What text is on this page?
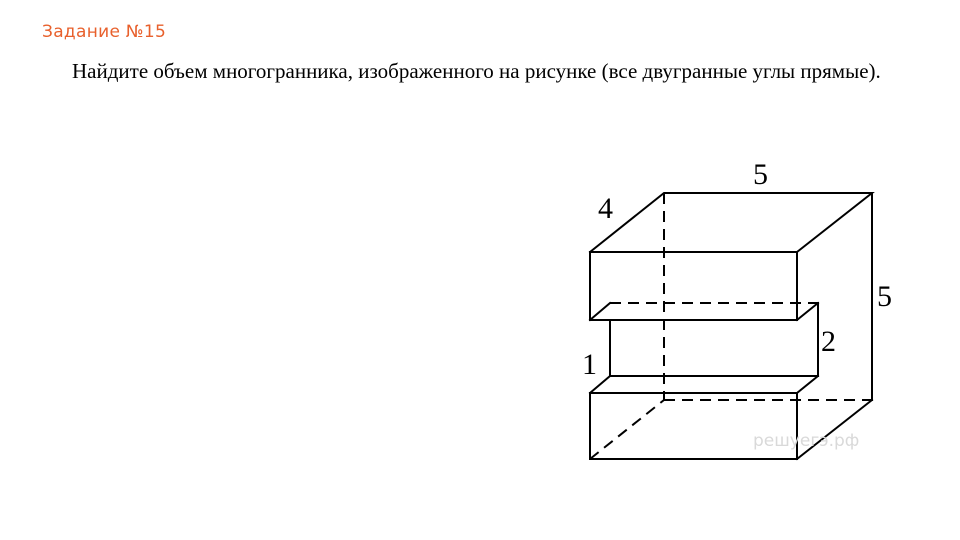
Задание №15
Найдите объем многогранника, изображенного на рисунке (все двугранные углы прямые).
5
4
5
2
1
решуегэ.рф
